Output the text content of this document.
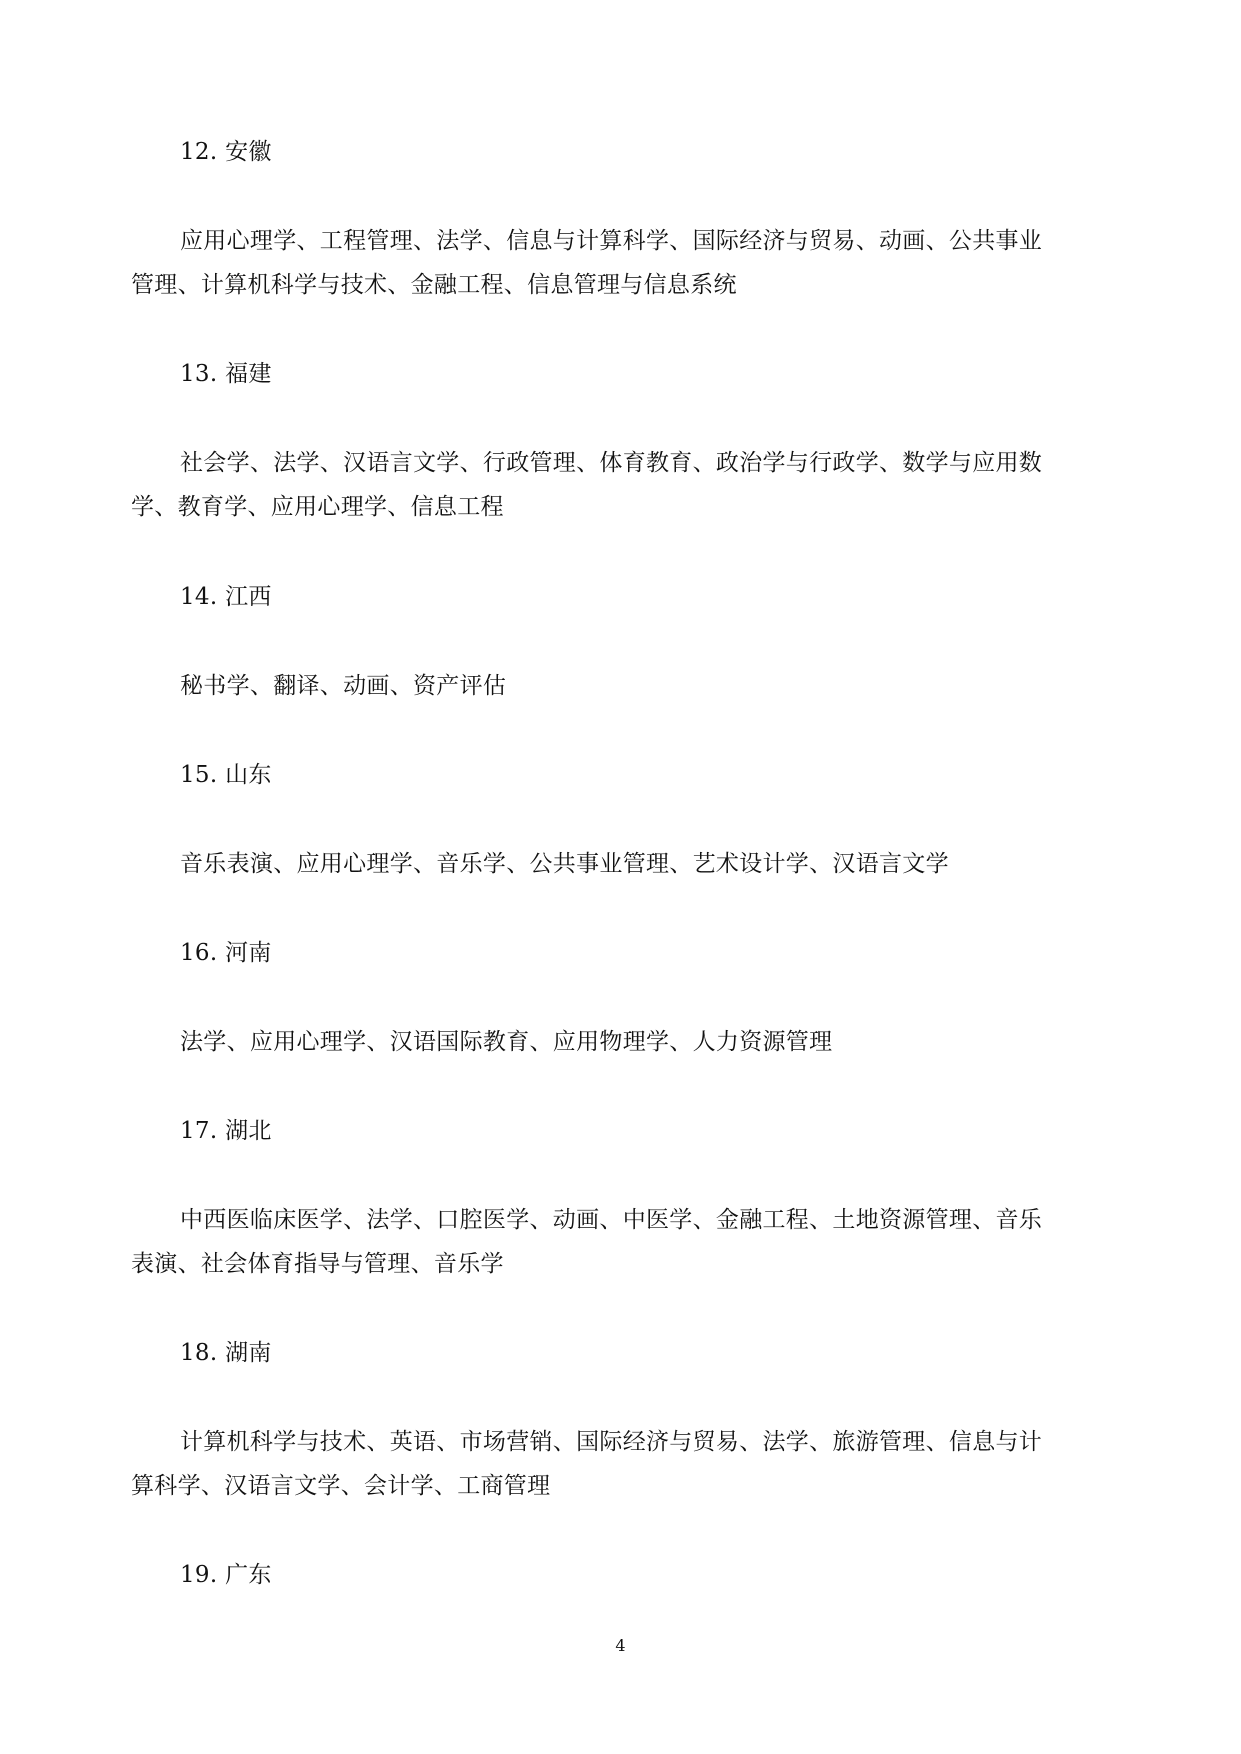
12. 安徽
应用心理学、工程管理、法学、信息与计算科学、国际经济与贸易、动画、公共事业
管理、计算机科学与技术、金融工程、信息管理与信息系统
13. 福建
社会学、法学、汉语言文学、行政管理、体育教育、政治学与行政学、数学与应用数
学、教育学、应用心理学、信息工程
14. 江西
秘书学、翻译、动画、资产评估
15. 山东
音乐表演、应用心理学、音乐学、公共事业管理、艺术设计学、汉语言文学
16. 河南
法学、应用心理学、汉语国际教育、应用物理学、人力资源管理
17. 湖北
中西医临床医学、法学、口腔医学、动画、中医学、金融工程、土地资源管理、音乐
表演、社会体育指导与管理、音乐学
18. 湖南
计算机科学与技术、英语、市场营销、国际经济与贸易、法学、旅游管理、信息与计
算科学、汉语言文学、会计学、工商管理
19. 广东
4
